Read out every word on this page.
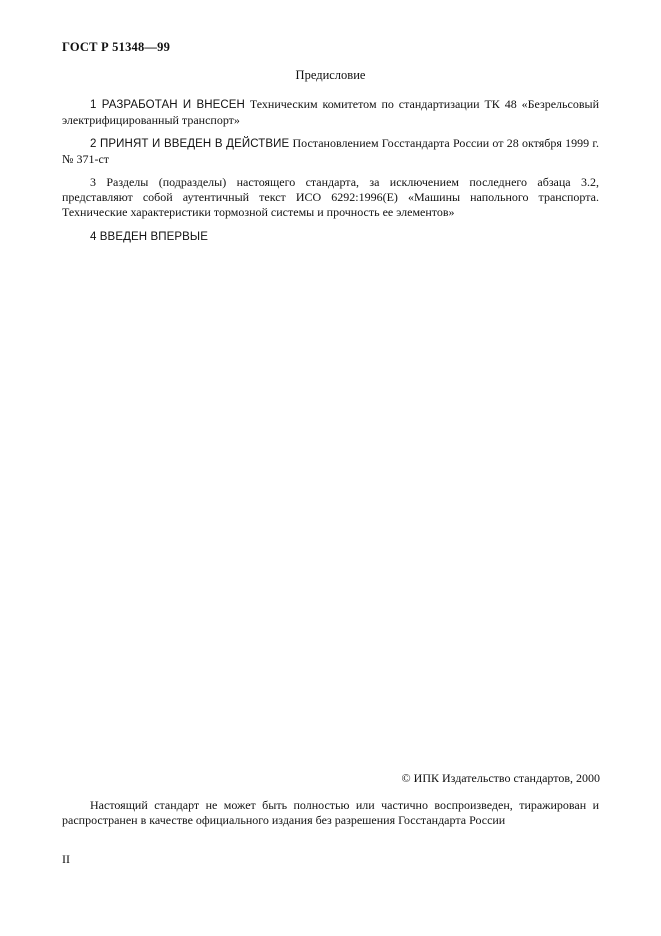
ГОСТ Р 51348—99
Предисловие

1 РАЗРАБОТАН И ВНЕСЕН Техническим комитетом по стандартизации ТК 48 «Безрельсовый электрифицированный транспорт»

2 ПРИНЯТ И ВВЕДЕН В ДЕЙСТВИЕ Постановлением Госстандарта России от 28 октября 1999 г. № 371-ст

3 Разделы (подразделы) настоящего стандарта, за исключением последнего абзаца 3.2, представляют собой аутентичный текст ИСО 6292:1996(Е) «Машины напольного транспорта. Технические характеристики тормозной системы и прочность ее элементов»

4 ВВЕДЕН ВПЕРВЫЕ

© ИПК Издательство стандартов, 2000

Настоящий стандарт не может быть полностью или частично воспроизведен, тиражирован и распространен в качестве официального издания без разрешения Госстандарта России

II
